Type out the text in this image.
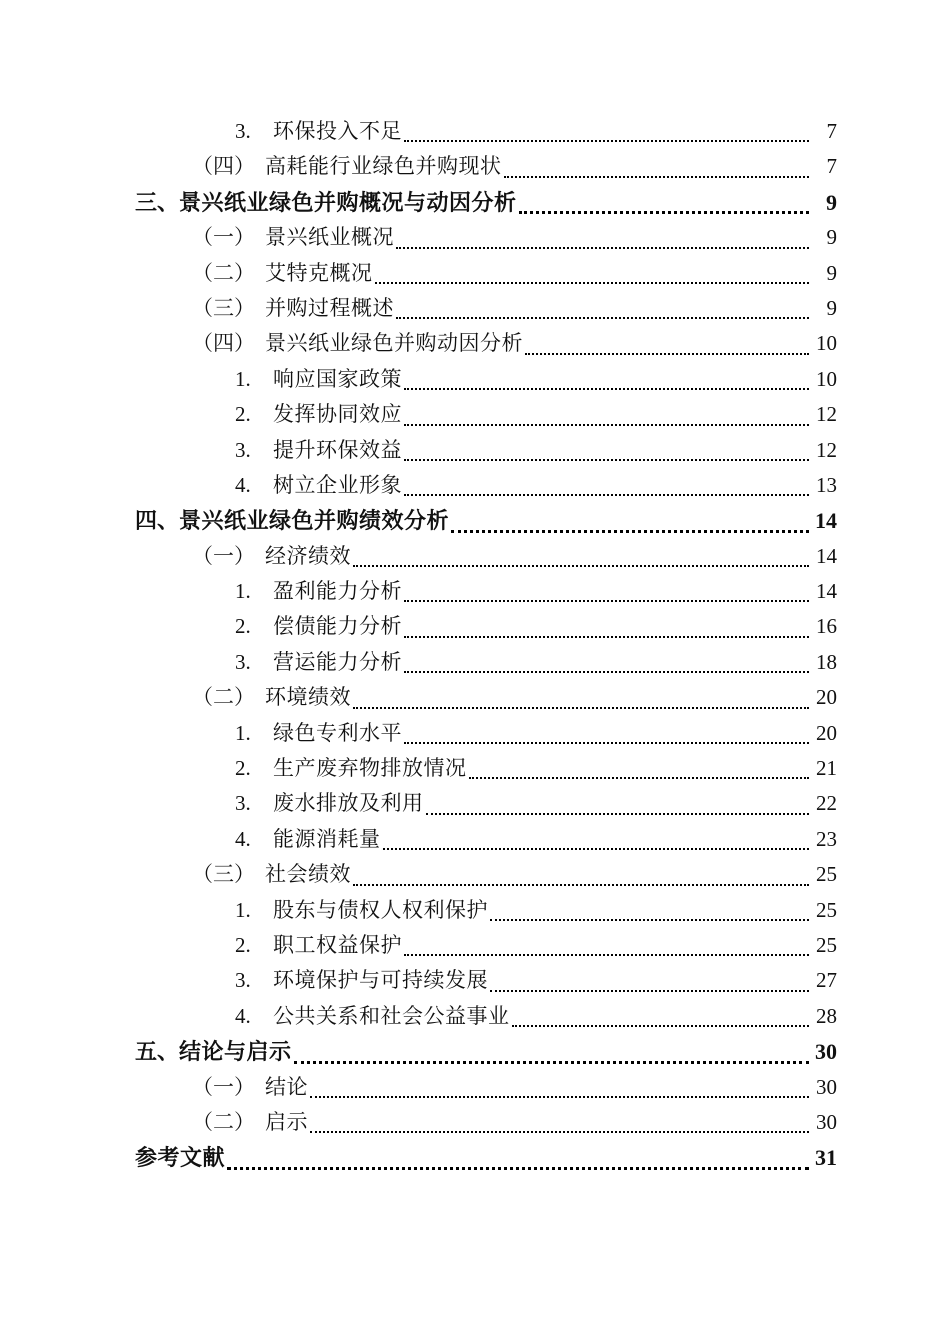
3.	环保投入不足	7
（四） 高耗能行业绿色并购现状	7
三、 景兴纸业绿色并购概况与动因分析	9
（一） 景兴纸业概况	9
（二） 艾特克概况	9
（三） 并购过程概述	9
（四） 景兴纸业绿色并购动因分析	10
1.	响应国家政策	10
2.	发挥协同效应	12
3.	提升环保效益	12
4.	树立企业形象	13
四、 景兴纸业绿色并购绩效分析	14
（一） 经济绩效	14
1.	盈利能力分析	14
2.	偿债能力分析	16
3.	营运能力分析	18
（二） 环境绩效	20
1.	绿色专利水平	20
2.	生产废弃物排放情况	21
3.	废水排放及利用	22
4.	能源消耗量	23
（三） 社会绩效	25
1.	股东与债权人权利保护	25
2.	职工权益保护	25
3.	环境保护与可持续发展	27
4.	公共关系和社会公益事业	28
五、 结论与启示	30
（一） 结论	30
（二） 启示	30
参考文献	31
